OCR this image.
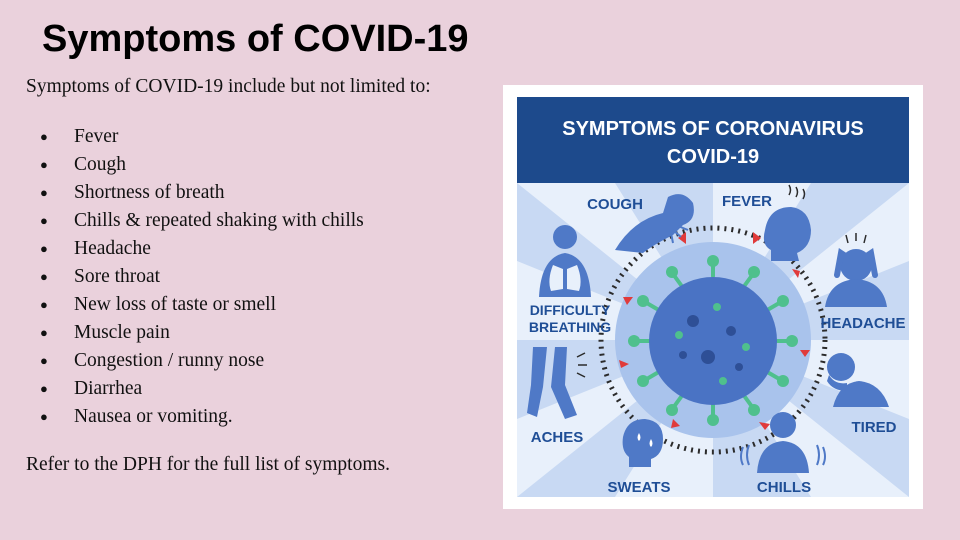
Symptoms of COVID-19

Symptoms of COVID-19 include but not limited to:

●	Fever
●	Cough
●	Shortness of breath
●	Chills & repeated shaking with chills
●	Headache
●	Sore throat
●	New loss of taste or smell
●	Muscle pain
●	Congestion / runny nose
●	Diarrhea
●	Nausea or vomiting.

Refer to the DPH for the full list of symptoms.

SYMPTOMS OF CORONAVIRUS
COVID-19
COUGH	FEVER
DIFFICULTY
BREATHING	HEADACHE
TIRED
ACHES
SWEATS	CHILLS
